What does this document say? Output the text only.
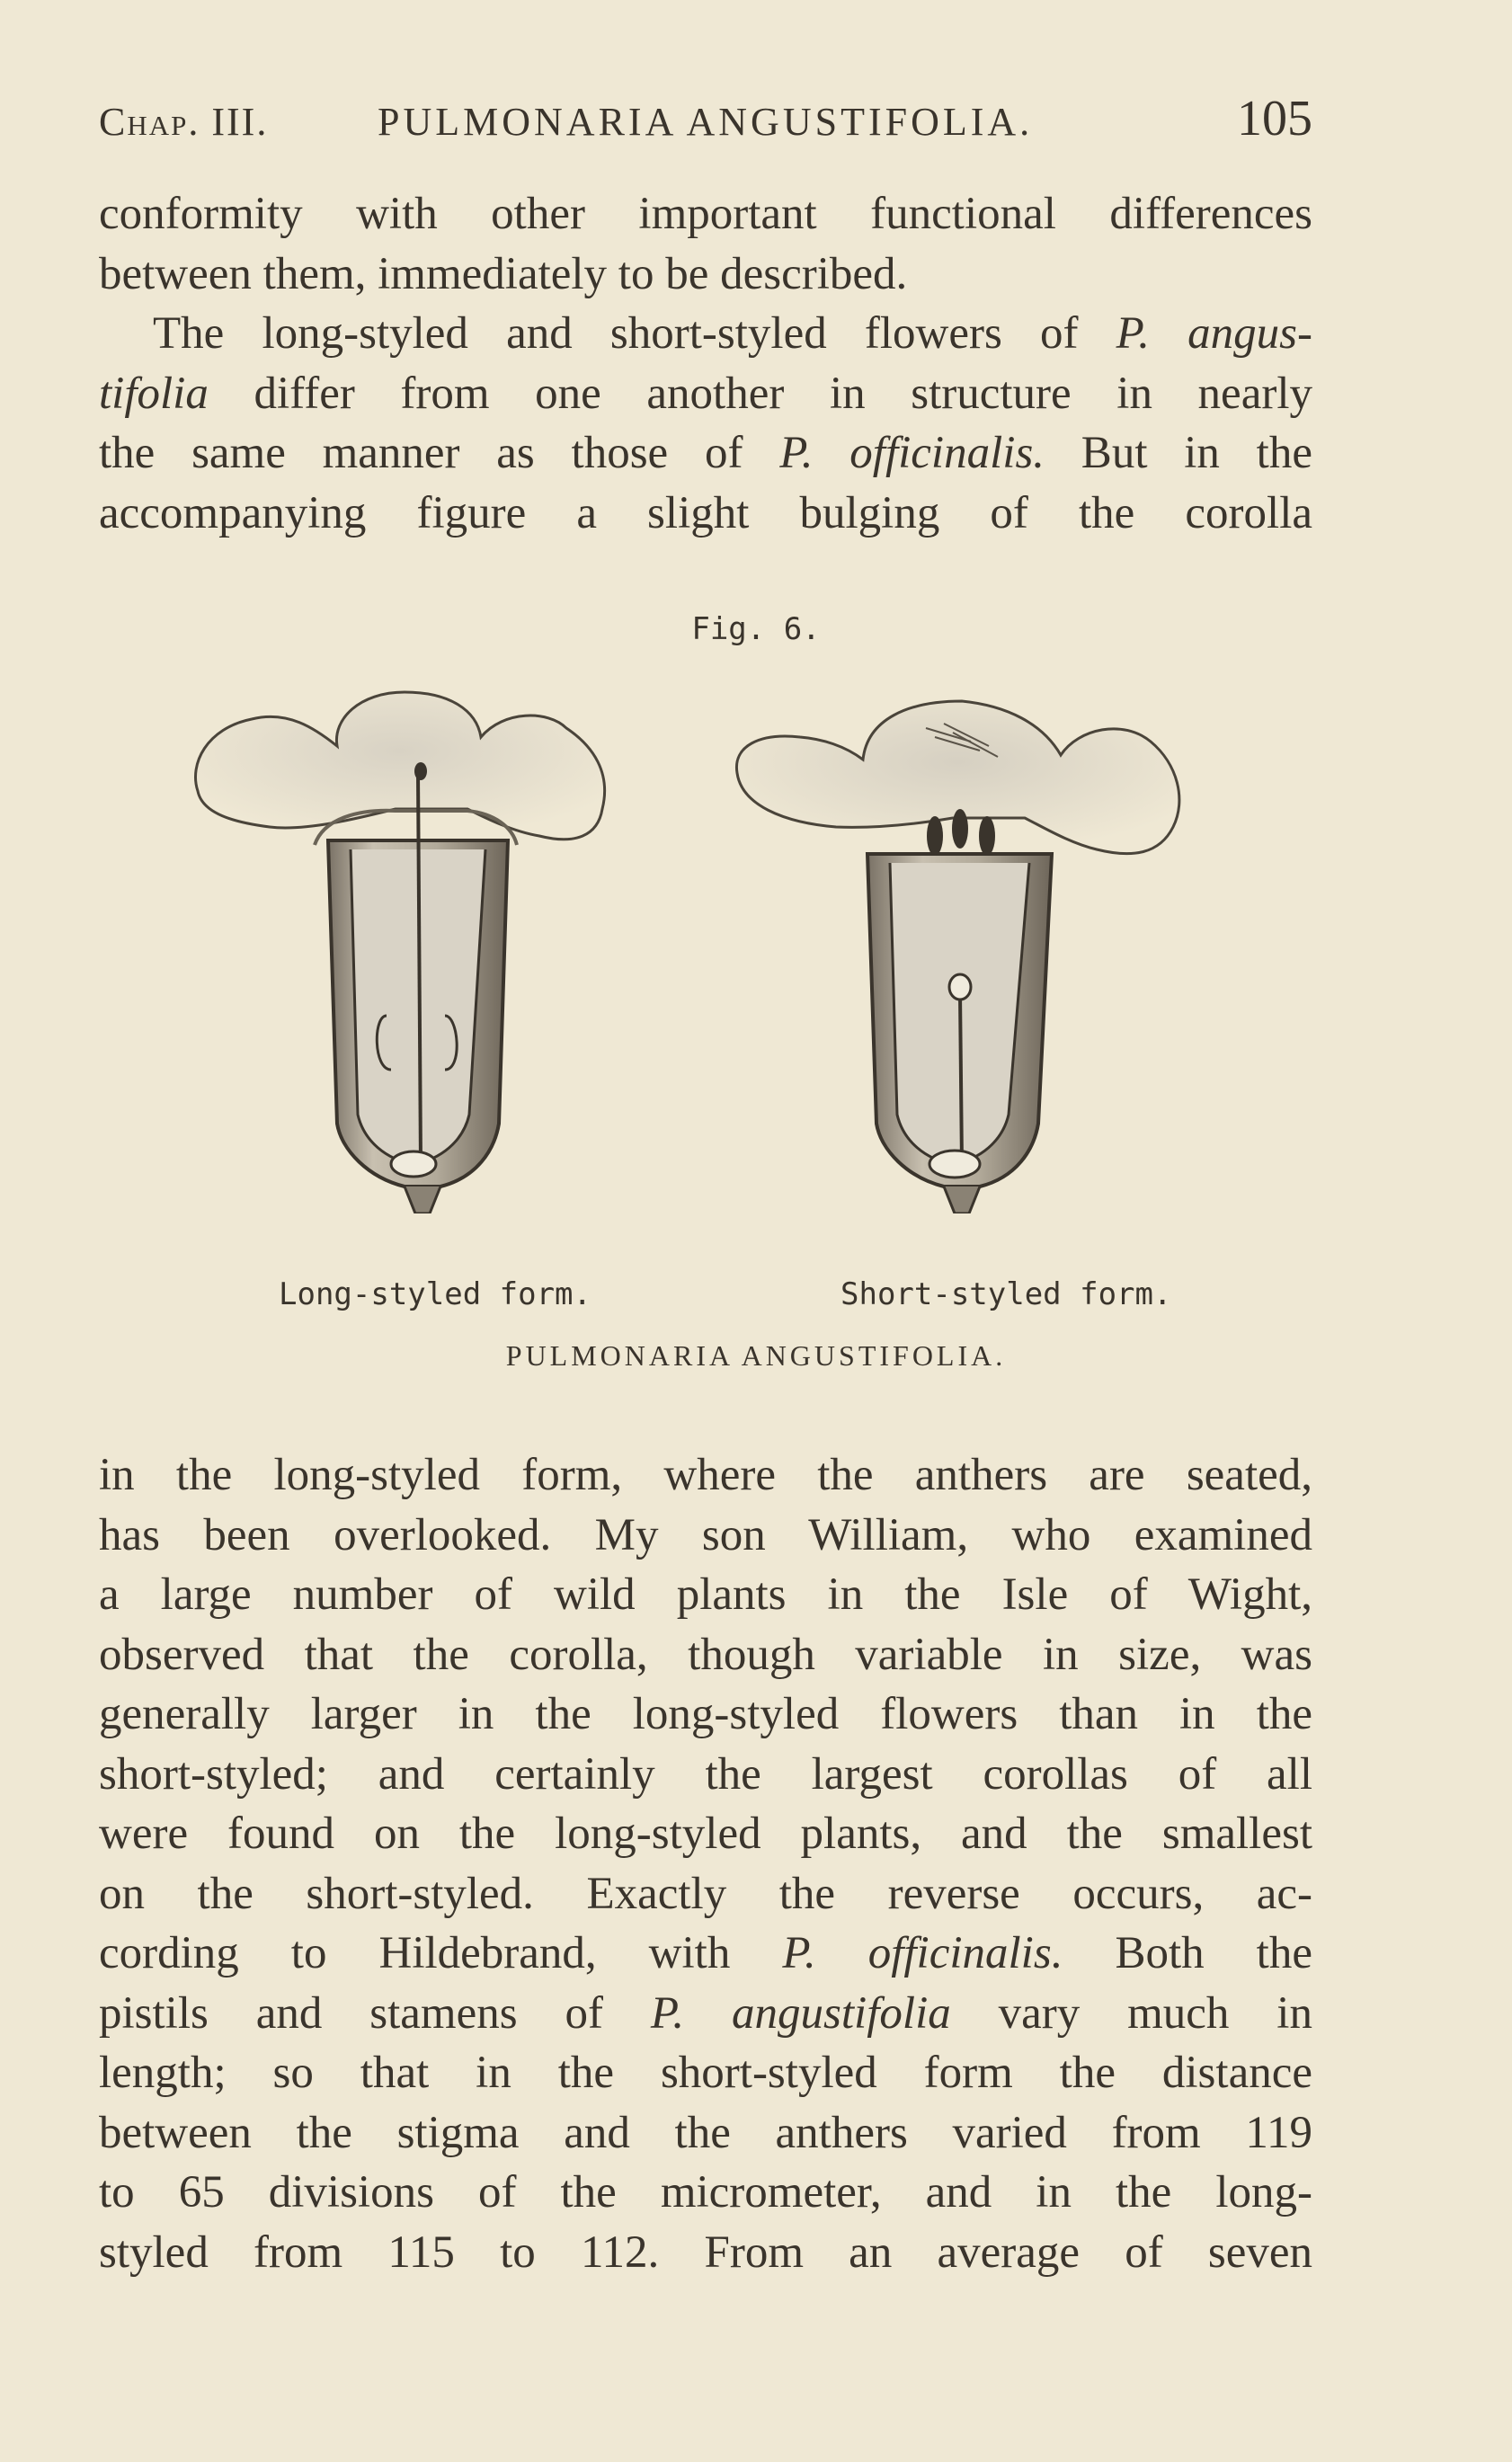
Chap. III.	PULMONARIA ANGUSTIFOLIA.	105
conformity with other important functional differences
between them, immediately to be described.
The long-styled and short-styled flowers of P. angus-
tifolia differ from one another in structure in nearly
the same manner as those of P. officinalis. But in the
accompanying figure a slight bulging of the corolla
Fig. 6.
Long-styled form.	Short-styled form.
PULMONARIA ANGUSTIFOLIA.
in the long-styled form, where the anthers are seated,
has been overlooked. My son William, who examined
a large number of wild plants in the Isle of Wight,
observed that the corolla, though variable in size, was
generally larger in the long-styled flowers than in the
short-styled; and certainly the largest corollas of all
were found on the long-styled plants, and the smallest
on the short-styled. Exactly the reverse occurs, ac-
cording to Hildebrand, with P. officinalis. Both the
pistils and stamens of P. angustifolia vary much in
length; so that in the short-styled form the distance
between the stigma and the anthers varied from 119
to 65 divisions of the micrometer, and in the long-
styled from 115 to 112. From an average of seven
